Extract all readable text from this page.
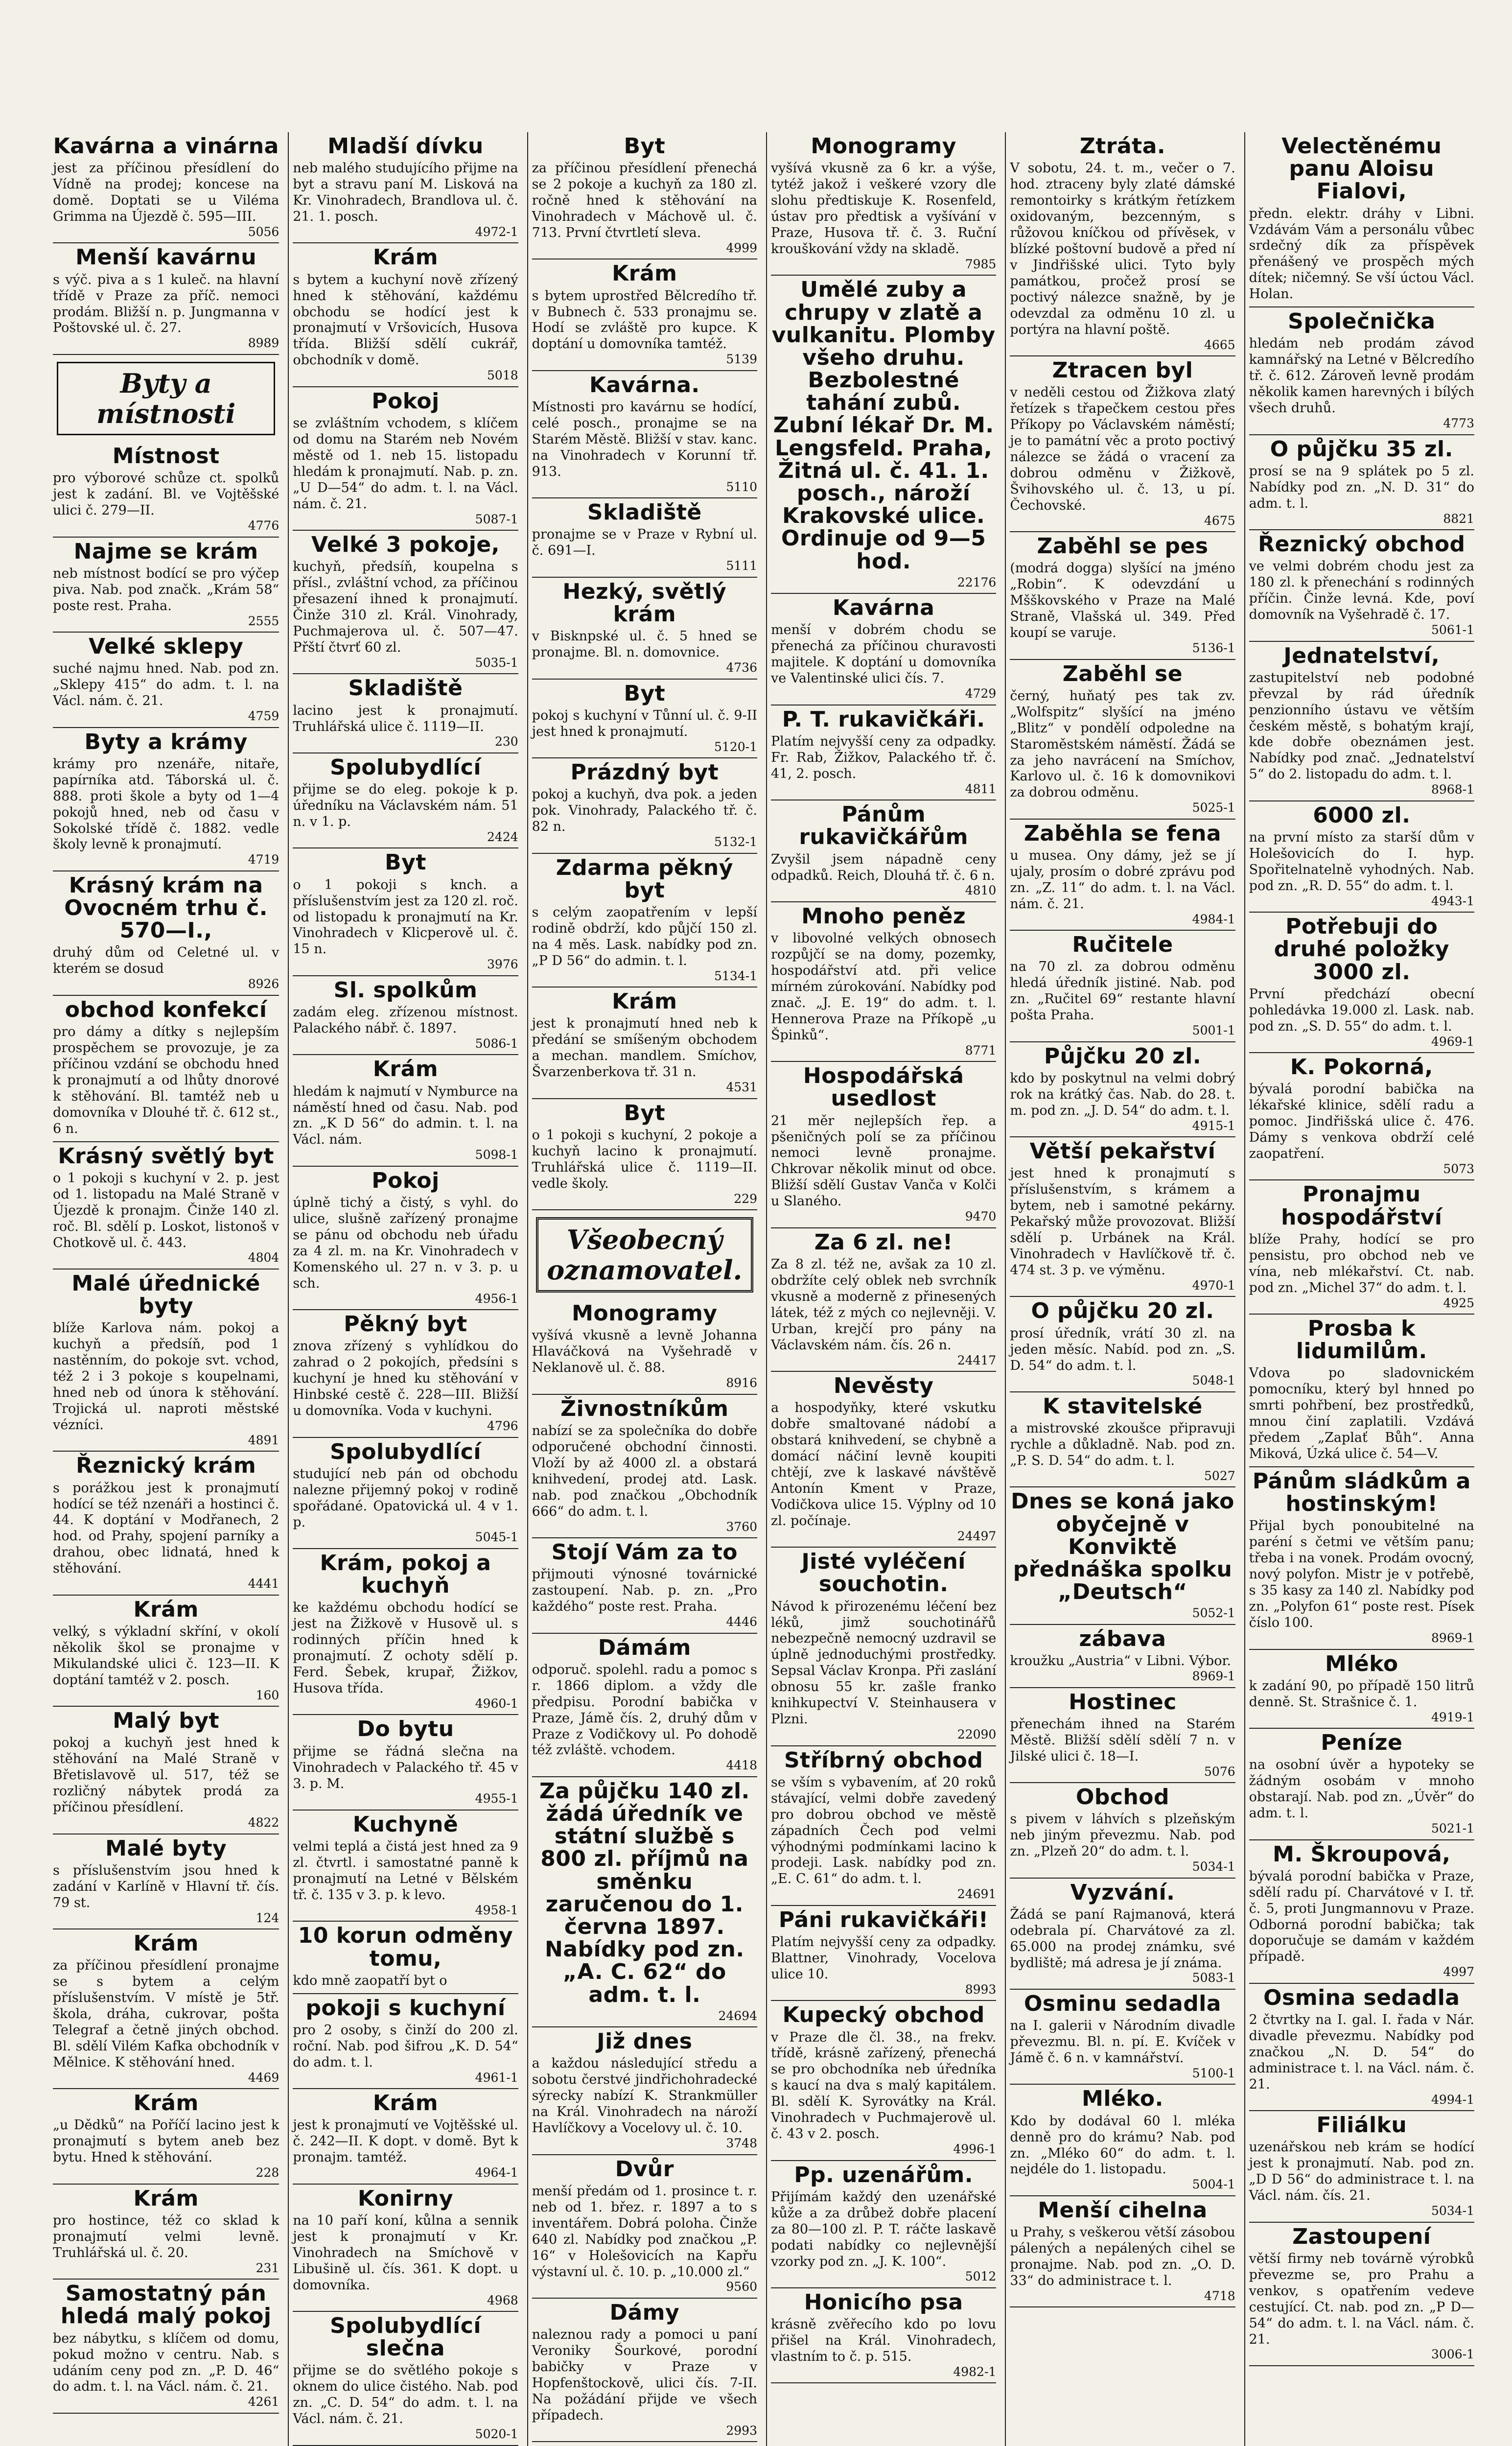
Kavárna a vinárna

jest za příčinou přesídlení do Vídně na prodej; koncese na domě. Doptati se u Viléma Grimma na Újezdě č. 595—III.

5056
Menší kavárnu

s výč. piva a s 1 kuleč. na hlavní třídě v Praze za příč. nemoci prodám. Bližší n. p. Jungmanna v Poštovské ul. č. 27.

8989
Byty a místnosti
Místnost

pro výborové schůze ct. spolků jest k zadání. Bl. ve Vojtěšské ulici č. 279—II.

4776
Najme se krám

neb místnost bodící se pro výčep piva. Nab. pod značk. „Krám 58“ poste rest. Praha.

2555
Velké sklepy

suché najmu hned. Nab. pod zn. „Sklepy 415“ do adm. t. l. na Václ. nám. č. 21.

4759
Byty a krámy

krámy pro nzenáře, nitaře, papírníka atd. Táborská ul. č. 888. proti škole a byty od 1—4 pokojů hned, neb od času v Sokolské třídě č. 1882. vedle školy levně k pronajmutí.

4719
Krásný krám na Ovocném trhu č. 570—I.,

druhý dům od Celetné ul. v kterém se dosud

8926
obchod konfekcí

pro dámy a dítky s nejlepším prospěchem se provozuje, je za příčinou vzdání se obchodu hned k pronajmutí a od lhůty dnorové k stěhování. Bl. tamtéž neb u domovníka v Dlouhé tř. č. 612 st., 6 n.

Krásný světlý byt

o 1 pokoji s kuchyní v 2. p. jest od 1. listopadu na Malé Straně v Újezdě k pronajm. Činže 140 zl. roč. Bl. sdělí p. Loskot, listonoš v Chotkově ul. č. 443.

4804
Malé úřednické byty

blíže Karlova nám. pokoj a kuchyň a předsíň, pod 1 nastěnním, do pokoje svt. vchod, též 2 i 3 pokoje s koupelnami, hned neb od února k stěhování. Trojická ul. naproti městské vézníci.

4891
Řeznický krám

s porážkou jest k pronajmutí hodící se též nzenáři a hostinci č. 44. K doptání v Modřanech, 2 hod. od Prahy, spojení parníky a drahou, obec lidnatá, hned k stěhování.

4441
Krám

velký, s výkladní skříní, v okolí několik škol se pronajme v Mikulandské ulici č. 123—II. K doptání tamtéž v 2. posch.

160
Malý byt

pokoj a kuchyň jest hned k stěhování na Malé Straně v Břetislavově ul. 517, též se rozličný nábytek prodá za příčinou přesídlení.

4822
Malé byty

s příslušenstvím jsou hned k zadání v Karlíně v Hlavní tř. čís. 79 st.

124
Krám

za příčinou přesídlení pronajme se s bytem a celým příslušenstvím. V místě je 5tř. škola, dráha, cukrovar, pošta Telegraf a četně jiných obchod. Bl. sdělí Vilém Kafka obchodník v Mělnice. K stěhování hned.

4469
Krám

„u Dědků“ na Poříčí lacino jest k pronajmutí s bytem aneb bez bytu. Hned k stěhování.

228
Krám

pro hostince, též co sklad k pronajmutí velmi levně. Truhlářská ul. č. 20.

231
Samostatný pán hledá malý pokoj

bez nábytku, s klíčem od domu, pokud možno v centru. Nab. s udáním ceny pod zn. „P. D. 46“ do adm. t. l. na Václ. nám. č. 21.

4261
Mladší dívku

neb malého studujícího přijme na byt a stravu paní M. Lisková na Kr. Vinohradech, Brandlova ul. č. 21. 1. posch.

4972-1
Krám

s bytem a kuchyní nově zřízený hned k stěhování, každému obchodu se hodící jest k pronajmutí v Vršovicích, Husova třída. Bližší sdělí cukrář, obchodník v domě.

5018
Pokoj

se zvláštním vchodem, s klíčem od domu na Starém neb Novém městě od 1. neb 15. listopadu hledám k pronajmutí. Nab. p. zn. „U D—54“ do adm. t. l. na Václ. nám. č. 21.

5087-1
Velké 3 pokoje,

kuchyň, předsíň, koupelna s přísl., zvláštní vchod, za příčinou přesazení ihned k pronajmutí. Činže 310 zl. Král. Vinohrady, Puchmajerova ul. č. 507—47. Přští čtvrť 60 zl.

5035-1
Skladiště

lacino jest k pronajmutí. Truhlářská ulice č. 1119—II.

230
Spolubydlící

přijme se do eleg. pokoje k p. úředníku na Václavském nám. 51 n. v 1. p.

2424
Byt

o 1 pokoji s knch. a příslušenstvím jest za 120 zl. roč. od listopadu k pronajmutí na Kr. Vinohradech v Klicperově ul. č. 15 n.

3976
Sl. spolkům

zadám eleg. zřízenou místnost. Palackého nábř. č. 1897.

5086-1
Krám

hledám k najmutí v Nymburce na náměstí hned od času. Nab. pod zn. „K D 56“ do admin. t. l. na Václ. nám.

5098-1
Pokoj

úplně tichý a čistý, s vyhl. do ulice, slušně zařízený pronajme se pánu od obchodu neb úřadu za 4 zl. m. na Kr. Vinohradech v Komenského ul. 27 n. v 3. p. u sch.

4956-1
Pěkný byt

znova zřízený s vyhlídkou do zahrad o 2 pokojích, předsíni s kuchyní je hned ku stěhování v Hinbské cestě č. 228—III. Bližší u domovníka. Voda v kuchyni.

4796
Spolubydlící

studující neb pán od obchodu nalezne přijemný pokoj v rodině spořádané. Opatovická ul. 4 v 1. p.

5045-1
Krám, pokoj a kuchyň

ke každému obchodu hodící se jest na Žižkově v Husově ul. s rodinných příčin hned k pronajmutí. Z ochoty sdělí p. Ferd. Šebek, krupař, Žižkov, Husova třída.

4960-1
Do bytu

přijme se řádná slečna na Vinohradech v Palackého tř. 45 v 3. p. M.

4955-1
Kuchyně

velmi teplá a čistá jest hned za 9 zl. čtvrtl. i samostatné panně k pronajmutí na Letné v Bělském tř. č. 135 v 3. p. k levo.

4958-1
10 korun odměny tomu,

kdo mně zaopatří byt o

pokoji s kuchyní

pro 2 osoby, s činží do 200 zl. roční. Nab. pod šifrou „K. D. 54“ do adm. t. l.

4961-1
Krám

jest k pronajmutí ve Vojtěšské ul. č. 242—II. K dopt. v domě. Byt k pronajm. tamtéž.

4964-1
Konirny

na 10 paří koní, kůlna a sennik jest k pronajmutí v Kr. Vinohradech na Smíchově v Libušině ul. čís. 361. K dopt. u domovníka.

4968
Spolubydlící slečna

přijme se do světlého pokoje s oknem do ulice čistého. Nab. pod zn. „C. D. 54“ do adm. t. l. na Václ. nám. č. 21.

5020-1
Byt

za příčinou přesídlení přenechá se 2 pokoje a kuchyň za 180 zl. ročně hned k stěhování na Vinohradech v Máchově ul. č. 713. První čtvrtletí sleva.

4999
Krám

s bytem uprostřed Bělcredího tř. v Bubnech č. 533 pronajmu se. Hodí se zvláště pro kupce. K doptání u domovníka tamtéž.

5139
Kavárna.

Místnosti pro kavárnu se hodící, celé posch., pronajme se na Starém Městě. Bližší v stav. kanc. na Vinohradech v Korunní tř. 913.

5110
Skladiště

pronajme se v Praze v Rybní ul. č. 691—I.

5111
Hezký, světlý krám

v Bisknpské ul. č. 5 hned se pronajme. Bl. n. domovnice.

4736
Byt

pokoj s kuchyní v Tůnní ul. č. 9-II jest hned k pronajmutí.

5120-1
Prázdný byt

pokoj a kuchyň, dva pok. a jeden pok. Vinohrady, Palackého tř. č. 82 n.

5132-1
Zdarma pěkný byt

s celým zaopatřením v lepší rodině obdrží, kdo půjčí 150 zl. na 4 měs. Lask. nabídky pod zn. „P D 56“ do admin. t. l.

5134-1
Krám

jest k pronajmutí hned neb k předání se smíšeným obchodem a mechan. mandlem. Smíchov, Švarzenberkova tř. 31 n.

4531
Byt

o 1 pokoji s kuchyní, 2 pokoje a kuchyň lacino k pronajmutí. Truhlářská ulice č. 1119—II. vedle školy.

229
Všeobecný oznamovatel.
Monogramy

vyšívá vkusně a levně Johanna Hlaváčková na Vyšehradě v Neklanově ul. č. 88.

8916
Živnostníkům

nabízí se za společníka do dobře odporučené obchodní činnosti. Vloží by až 4000 zl. a obstará knihvedení, prodej atd. Lask. nab. pod značkou „Obchodník 666“ do adm. t. l.

3760
Stojí Vám za to

přijmouti výnosné továrnické zastoupení. Nab. p. zn. „Pro každého“ poste rest. Praha.

4446
Dámám

odporuč. spolehl. radu a pomoc s r. 1866 diplom. a vždy dle předpisu. Porodní babička v Praze, Jámě čís. 2, druhý dům v Praze z Vodičkovy ul. Po dohodě též zvláště. vchodem.

4418
Za půjčku 140 zl. žádá úředník ve státní službě s 800 zl. příjmů na směnku zaručenou do 1. června 1897. Nabídky pod zn. „A. C. 62“ do adm. t. l.
24694
Již dnes

a každou následující středu a sobotu čerstvé jindřichohradecké sýrecky nabízí K. Strankmüller na Král. Vinohradech na nároží Havlíčkovy a Vocelovy ul. č. 10.

3748
Dvůr

menší předám od 1. prosince t. r. neb od 1. břez. r. 1897 a to s inventářem. Dobrá poloha. Činže 640 zl. Nabídky pod značkou „P. 16“ v Holešovicích na Kapřu výstavní ul. č. 10. p. „10.000 zl.“

9560
Dámy

naleznou rady a pomoci u paní Veroniky Šourkové, porodní babičky v Praze v Hopfenštockově, ulici čís. 7-II. Na požádání přijde ve všech případech.

2993
Monogramy

vyšívá vkusně za 6 kr. a výše, tytéž jakož i veškeré vzory dle slohu předtiskuje K. Rosenfeld, ústav pro předtisk a vyšívání v Praze, Husova tř. č. 3. Ruční krouškování vždy na skladě.

7985
Umělé zuby a chrupy v zlatě a vulkanitu. Plomby všeho druhu. Bezbolestné tahání zubů. Zubní lékař Dr. M. Lengsfeld. Praha, Žitná ul. č. 41. 1. posch., nároží Krakovské ulice. Ordinuje od 9—5 hod.
22176
Kavárna

menší v dobrém chodu se přenechá za příčinou churavosti majitele. K doptání u domovníka ve Valentinské ulici čís. 7.

4729
P. T. rukavičkáři.

Platím nejvyšší ceny za odpadky. Fr. Rab, Žižkov, Palackého tř. č. 41, 2. posch.

4811
Pánům rukavičkářům

Zvyšil jsem nápadně ceny odpadků. Reich, Dlouhá tř. č. 6 n.

4810
Mnoho peněz

v libovolné velkých obnosech rozpůjčí se na domy, pozemky, hospodářství atd. při velice mírném zúrokování. Nabídky pod znač. „J. E. 19“ do adm. t. l. Hennerova Praze na Příkopě „u Špinků“.

8771
Hospodářská usedlost

21 měr nejlepších řep. a pšeničných polí se za příčinou nemoci levně pronajme. Chkrovar několik minut od obce. Bližší sdělí Gustav Vanča v Kolči u Slaného.

9470
Za 6 zl. ne!

Za 8 zl. též ne, avšak za 10 zl. obdržíte celý oblek neb svrchník vkusně a moderně z přinesených látek, též z mých co nejlevněji. V. Urban, krejčí pro pány na Václavském nám. čís. 26 n.

24417
Nevěsty

a hospodyňky, které vskutku dobře smaltované nádobí a obstará knihvedení, se chybně a domácí náčiní levně koupiti chtějí, zve k laskavé návštěvě Antonín Kment v Praze, Vodičkova ulice 15. Výplny od 10 zl. počínaje.

24497
Jisté vyléčení souchotin.

Návod k přirozenému léčení bez léků, jimž souchotinářů nebezpečně nemocný uzdravil se úplně jednoduchými prostředky. Sepsal Václav Kronpa. Při zaslání obnosu 55 kr. zašle franko knihkupectví V. Steinhausera v Plzni.

22090
Stříbrný obchod

se vším s vybavením, ať 20 roků stávající, velmi dobře zavedený pro dobrou obchod ve městě západních Čech pod velmi výhodnými podmínkami lacino k prodeji. Lask. nabídky pod zn. „E. C. 61“ do adm. t. l.

24691
Páni rukavičkáři!

Platím nejvyšší ceny za odpadky. Blattner, Vinohrady, Vocelova ulice 10.

8993
Kupecký obchod

v Praze dle čl. 38., na frekv. třídě, krásně zařízený, přenechá se pro obchodníka neb úředníka s kaucí na dva s malý kapitálem. Bl. sdělí K. Syrovátky na Král. Vinohradech v Puchmajerově ul. č. 43 v 2. posch.

4996-1
Pp. uzenářům.

Přijímám každý den uzenářské kůže a za drůbež dobře placení za 80—100 zl. P. T. ráčte laskavě podati nabídky co nejlevnější vzorky pod zn. „J. K. 100“.

5012
Honicího psa

krásně zvěřecího kdo po lovu přišel na Král. Vinohradech, vlastním to č. p. 515.

4982-1
Ztráta.

V sobotu, 24. t. m., večer o 7. hod. ztraceny byly zlaté dámské remontoirky s krátkým řetízkem oxidovaným, bezcenným, s růžovou kníčkou od přívěsek, v blízké poštovní budově a před ní v Jindřišské ulici. Tyto byly památkou, pročež prosí se poctivý nálezce snažně, by je odevzdal za odměnu 10 zl. u portýra na hlavní poště.

4665
Ztracen byl

v neděli cestou od Žižkova zlatý řetízek s třapečkem cestou přes Příkopy po Václavském náměstí; je to památní věc a proto poctivý nálezce se žádá o vracení za dobrou odměnu v Žižkově, Švihovského ul. č. 13, u pí. Čechovské.

4675
Zaběhl se pes

(modrá dogga) slyšící na jméno „Robin“. K odevzdání u Mšškovského v Praze na Malé Straně, Vlašská ul. 349. Před koupí se varuje.

5136-1
Zaběhl se

černý, huňatý pes tak zv. „Wolfspitz“ slyšící na jméno „Blitz“ v pondělí odpoledne na Staroměstském náměstí. Žádá se za jeho navrácení na Smíchov, Karlovo ul. č. 16 k domovnikovi za dobrou odměnu.

5025-1
Zaběhla se fena

u musea. Ony dámy, jež se jí ujaly, prosím o dobré zprávu pod zn. „Z. 11“ do adm. t. l. na Václ. nám. č. 21.

4984-1
Ručitele

na 70 zl. za dobrou odměnu hledá úředník jistiné. Nab. pod zn. „Ručitel 69“ restante hlavní pošta Praha.

5001-1
Půjčku 20 zl.

kdo by poskytnul na velmi dobrý rok na krátký čas. Nab. do 28. t. m. pod zn. „J. D. 54“ do adm. t. l.

4915-1
Větší pekařství

jest hned k pronajmutí s příslušenstvím, s krámem a bytem, neb i samotné pekárny. Pekařský může provozovat. Bližší sdělí p. Urbánek na Král. Vinohradech v Havlíčkově tř. č. 474 st. 3 p. ve výměnu.

4970-1
O půjčku 20 zl.

prosí úředník, vrátí 30 zl. na jeden měsíc. Nabíd. pod zn. „S. D. 54“ do adm. t. l.

5048-1
K stavitelské

a mistrovské zkoušce připravuji rychle a důkladně. Nab. pod zn. „P. S. D. 54“ do adm. t. l.

5027
Dnes se koná jako obyčejně v Konviktě přednáška spolku „Deutsch“
5052-1
zábava

kroužku „Austria“ v Libni. Výbor.

8969-1
Hostinec

přenechám ihned na Starém Městě. Bližší sdělí sdělí 7 n. v Jilské ulici č. 18—I.

5076
Obchod

s pivem v láhvích s plzeňským neb jiným převezmu. Nab. pod zn. „Plzeň 20“ do adm. t. l.

5034-1
Vyzvání.

Žádá se paní Rajmanová, která odebrala pí. Charvátové za zl. 65.000 na prodej známku, své bydliště; má adresa je jí známa.

5083-1
Osminu sedadla

na I. galerii v Národním divadle převezmu. Bl. n. pí. E. Kvíček v Jámě č. 6 n. v kamnářství.

5100-1
Mléko.

Kdo by dodával 60 l. mléka denně pro do krámu? Nab. pod zn. „Mléko 60“ do adm. t. l. nejdéle do 1. listopadu.

5004-1
Menší cihelna

u Prahy, s veškerou větší zásobou pálených a nepálených cihel se pronajme. Nab. pod zn. „O. D. 33“ do administrace t. l.

4718
Velectěnému panu Aloisu Fialovi,

předn. elektr. dráhy v Libni. Vzdávám Vám a personálu vůbec srdečný dík za příspěvek přenášený ve prospěch mých dítek; ničemný. Se vší úctou Václ. Holan.

Společnička

hledám neb prodám závod kamnářský na Letné v Bělcredího tř. č. 612. Zároveň levně prodám několik kamen harevných i bílých všech druhů.

4773
O půjčku 35 zl.

prosí se na 9 splátek po 5 zl. Nabídky pod zn. „N. D. 31“ do adm. t. l.

8821
Řeznický obchod

ve velmi dobrém chodu jest za 180 zl. k přenechání s rodinných příčin. Činže levná. Kde, poví domovník na Vyšehradě č. 17.

5061-1
Jednatelství,

zastupitelství neb podobné převzal by rád úředník penzionního ústavu ve větším českém městě, s bohatým krají, kde dobře obeznámen jest. Nabídky pod znač. „Jednatelství 5“ do 2. listopadu do adm. t. l.

8968-1
6000 zl.

na první místo za starší dům v Holešovicích do I. hyp. Spořitelnatelně vyhodných. Nab. pod zn. „R. D. 55“ do adm. t. l.

4943-1
Potřebuji do druhé položky 3000 zl.

První předchází obecní pohledávka 19.000 zl. Lask. nab. pod zn. „S. D. 55“ do adm. t. l.

4969-1
K. Pokorná,

bývalá porodní babička na lékařské klinice, sdělí radu a pomoc. Jindřišská ulice č. 476. Dámy s venkova obdrží celé zaopatření.

5073
Pronajmu hospodářství

blíže Prahy, hodící se pro pensistu, pro obchod neb ve vína, neb mlékařství. Ct. nab. pod zn. „Michel 37“ do adm. t. l.

4925
Prosba k lidumilům.

Vdova po sladovnickém pomocníku, který byl hnned po smrti pohřbení, bez prostředků, mnou činí zaplatili. Vzdává předem „Zaplať Bůh“. Anna Miková, Úzká ulice č. 54—V.

Pánům sládkům a hostinským!

Přijal bych ponoubitelné na paréní s četmi ve větším panu; třeba i na vonek. Prodám ovocný, nový polyfon. Mistr je v potřebě, s 35 kasy za 140 zl. Nabídky pod zn. „Polyfon 61“ poste rest. Písek číslo 100.

8969-1
Mléko

k zadání 90, po případě 150 litrů denně. St. Strašnice č. 1.

4919-1
Peníze

na osobní úvěr a hypoteky se žádným osobám v mnoho obstarají. Nab. pod zn. „Úvěr“ do adm. t. l.

5021-1
M. Škroupová,

bývalá porodní babička v Praze, sdělí radu pí. Charvátové v I. tř. č. 5, proti Jungmannovu v Praze. Odborná porodní babička; tak doporučuje se damám v každém případě.

4997
Osmina sedadla

2 čtvrtky na I. gal. I. řada v Nár. divadle převezmu. Nabídky pod značkou „N. D. 54“ do administrace t. l. na Václ. nám. č. 21.

4994-1
Filiálku

uzenářskou neb krám se hodící jest k pronajmutí. Nab. pod zn. „D D 56“ do administrace t. l. na Václ. nám. čís. 21.

5034-1
Zastoupení

větší firmy neb továrně výrobků převezme se, pro Prahu a venkov, s opatřením vedeve cestující. Ct. nab. pod zn. „P D—54“ do adm. t. l. na Václ. nám. č. 21.

3006-1
